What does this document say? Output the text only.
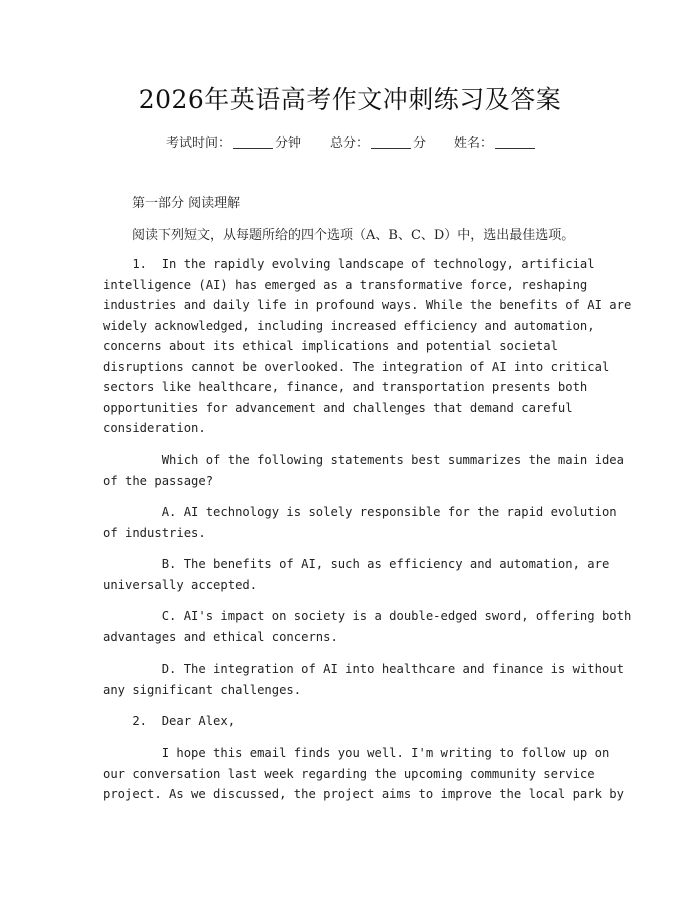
2026年英语高考作文冲刺练习及答案
考试时间：	分钟 总分：	分 姓名：
第一部分 阅读理解
阅读下列短文，从每题所给的四个选项（A、B、C、D）中，选出最佳选项。
1.  In the rapidly evolving landscape of technology, artificial
intelligence (AI) has emerged as a transformative force, reshaping
industries and daily life in profound ways. While the benefits of AI are
widely acknowledged, including increased efficiency and automation,
concerns about its ethical implications and potential societal
disruptions cannot be overlooked. The integration of AI into critical
sectors like healthcare, finance, and transportation presents both
opportunities for advancement and challenges that demand careful
consideration.
Which of the following statements best summarizes the main idea
of the passage?
A. AI technology is solely responsible for the rapid evolution
of industries.
B. The benefits of AI, such as efficiency and automation, are
universally accepted.
C. AI's impact on society is a double-edged sword, offering both
advantages and ethical concerns.
D. The integration of AI into healthcare and finance is without
any significant challenges.
2.  Dear Alex,
I hope this email finds you well. I'm writing to follow up on
our conversation last week regarding the upcoming community service
project. As we discussed, the project aims to improve the local park by
